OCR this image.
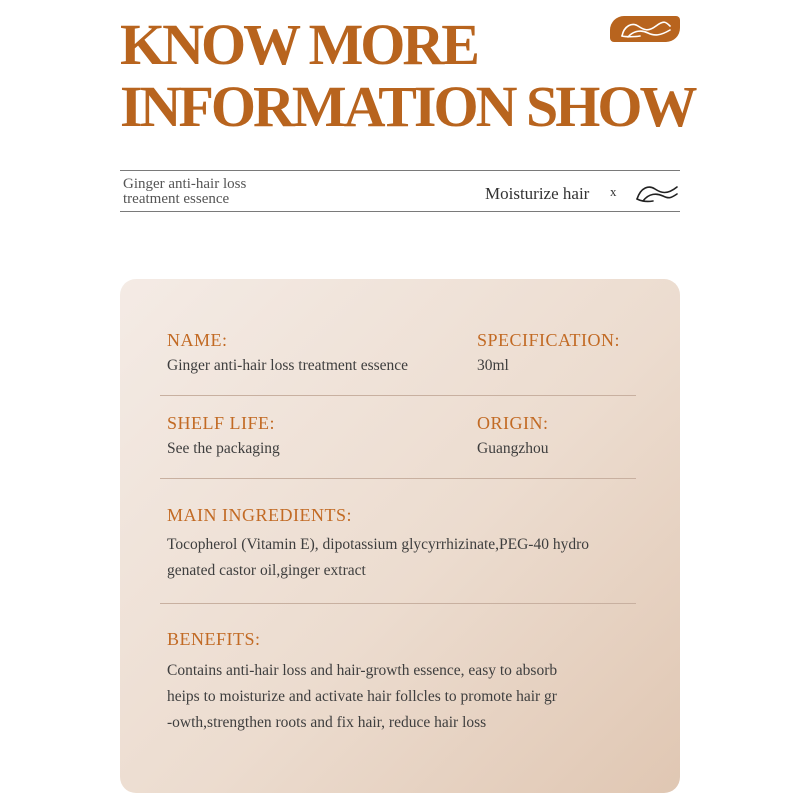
KNOW MORE
INFORMATION SHOW
Ginger anti-hair loss
treatment essence	Moisturize hair x
NAME:
Ginger anti-hair loss treatment essence
SPECIFICATION:
30ml
SHELF LIFE:
See the packaging
ORIGIN:
Guangzhou
MAIN INGREDIENTS:
Tocopherol (Vitamin E), dipotassium glycyrrhizinate,PEG-40 hydro
genated castor oil,ginger extract
BENEFITS:
Contains anti-hair loss and hair-growth essence, easy to absorb
heips to moisturize and activate hair follcles to promote hair gr
-owth,strengthen roots and fix hair, reduce hair loss
